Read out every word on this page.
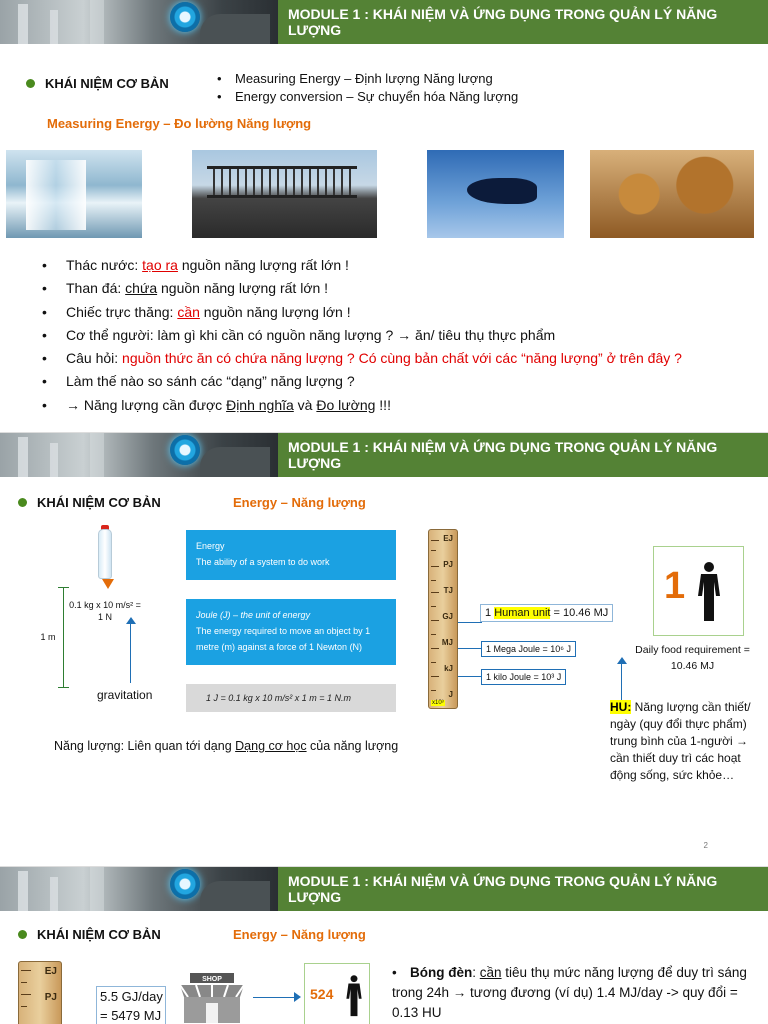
MODULE 1 : KHÁI NIỆM VÀ ỨNG DỤNG TRONG QUẢN LÝ NĂNG LƯỢNG
KHÁI NIỆM CƠ BẢN
•	Measuring Energy – Định lượng Năng lượng
• Energy conversion – Sự chuyển hóa Năng lượng
Measuring Energy – Đo lường Năng lượng
• Thác nước: tạo ra nguồn năng lượng rất lớn !
• Than đá: chứa nguồn năng lượng rất lớn !
• Chiếc trực thăng: cần nguồn năng lượng lớn !
• Cơ thể người: làm gì khi cần có nguồn năng lượng ? → ăn/ tiêu thụ thực phẩm
• Câu hỏi: nguồn thức ăn có chứa năng lượng ? Có cùng bản chất với các “năng lượng” ở trên đây ?
• Làm thế nào so sánh các “dạng” năng lượng ?
• → Năng lượng cần được Định nghĩa và Đo lường !!!
MODULE 1 : KHÁI NIỆM VÀ ỨNG DỤNG TRONG QUẢN LÝ NĂNG LƯỢNG
KHÁI NIỆM CƠ BẢN	Energy – Năng lượng
0.1 kg x 10 m/s² = 1 N
1 m
gravitation
Energy
The ability of a system to do work
Joule (J) – the unit of energy
The energy required to move an object by 1 metre (m) against a force of 1 Newton (N)
1 J = 0.1 kg x 10 m/s² x 1 m = 1 N.m
EJ
PJ
TJ
GJ
MJ
kJ
J
x10³
1 Human unit = 10.46 MJ
1 Mega Joule = 10⁶ J
1 kilo Joule = 10³ J
1
Daily food requirement = 10.46 MJ
HU: Năng lượng cần thiết/ ngày (quy đổi thực phẩm) trung bình của 1-người → cần thiết duy trì các hoạt động sống, sức khỏe…
Năng lượng: Liên quan tới dạng Dạng cơ học của năng lượng
2
MODULE 1 : KHÁI NIỆM VÀ ỨNG DỤNG TRONG QUẢN LÝ NĂNG LƯỢNG
KHÁI NIỆM CƠ BẢN	Energy – Năng lượng
EJ
PJ	5.5 GJ/day = 5479 MJ
SHOP
524
• Bóng đèn: cần tiêu thụ mức năng lượng để duy trì sáng trong 24h → tương đương (ví dụ) 1.4 MJ/day -> quy đổi = 0.13 HU
